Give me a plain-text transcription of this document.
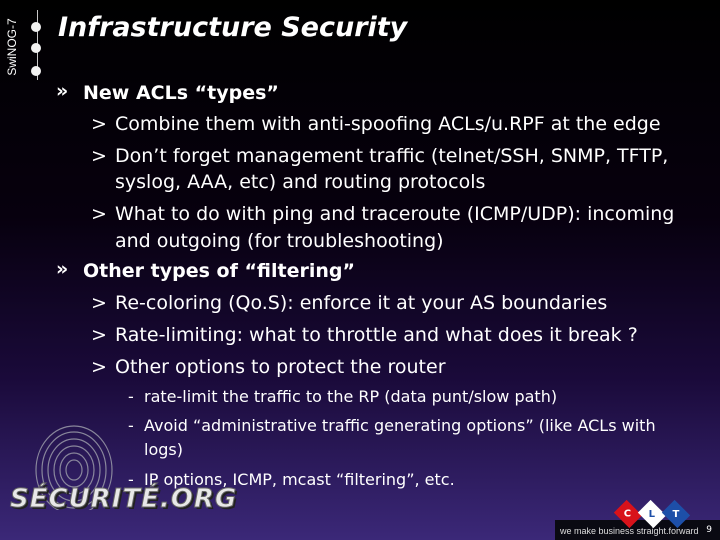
SwiNOG-7 Infrastructure Security
» New ACLs “types”
> Combine them with anti-spoofing ACLs/u.RPF at the edge
> Don’t forget management traffic (telnet/SSH, SNMP, TFTP,
syslog, AAA, etc) and routing protocols
> What to do with ping and traceroute (ICMP/UDP): incoming
and outgoing (for troubleshooting)
» Other types of “filtering”
> Re-coloring (Qo.S): enforce it at your AS boundaries
> Rate-limiting: what to throttle and what does it break ?
> Other options to protect the router
- rate-limit the traffic to the RP (data punt/slow path)
- Avoid “administrative traffic generating options” (like ACLs with
logs)
- IP options, ICMP, mcast “filtering”, etc.
SÉCURITÉ.ORG	C L T
we make business straight.forward 9
